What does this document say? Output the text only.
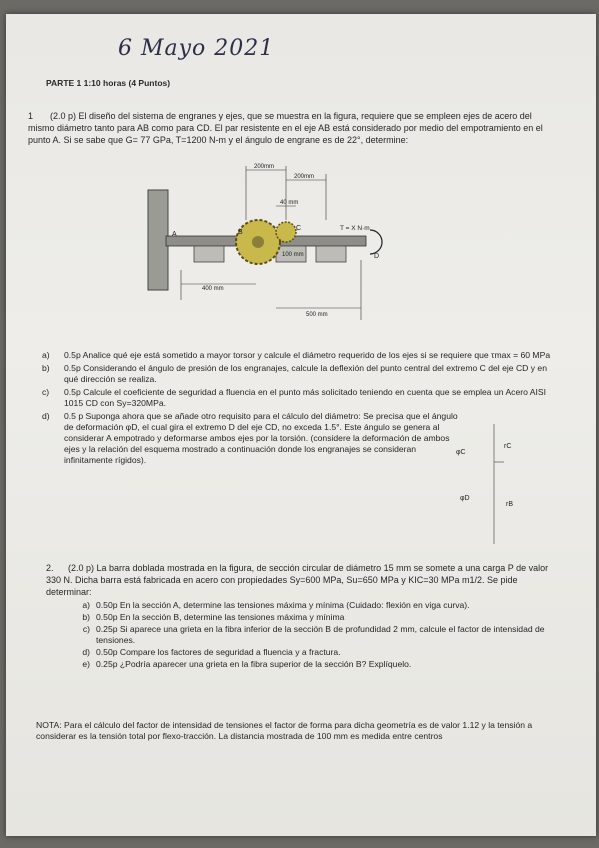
6 Mayo 2021
PARTE 1 1:10 horas (4 Puntos)
1 (2.0 p) El diseño del sistema de engranes y ejes, que se muestra en la figura, requiere que se empleen ejes de acero del mismo diámetro tanto para AB como para CD. El par resistente en el eje AB está considerado por medio del empotramiento en el punto A. Si se sabe que G= 77 GPa, T=1200 N-m y el ángulo de engrane es de 22°, determine:
200mm
200mm
40 mm
100 mm
400 mm
500 mm
T = X N·m
A	B
C
D
a)	0.5p Analice qué eje está sometido a mayor torsor y calcule el diámetro requerido de los ejes si se requiere que τmax = 60 MPa
b)	0.5p Considerando el ángulo de presión de los engranajes, calcule la deflexión del punto central del extremo C del eje CD y en qué dirección se realiza.
c)	0.5p Calcule el coeficiente de seguridad a fluencia en el punto más solicitado teniendo en cuenta que se emplea un Acero AISI 1015 CD con Sy=320MPa.
d)	0.5 p Suponga ahora que se añade otro requisito para el cálculo del diámetro: Se precisa que el ángulo de deformación φD, el cual gira el extremo D del eje CD, no exceda 1.5°. Este ángulo se genera al considerar A empotrado y deformarse ambos ejes por la torsión. (considere la deformación de ambos ejes y la relación del esquema mostrado a continuación donde los engranajes se consideran infinitamente rígidos).
φC
φD
rC
rB
2. (2.0 p) La barra doblada mostrada en la figura, de sección circular de diámetro 15 mm se somete a una carga P de valor 330 N. Dicha barra está fabricada en acero con propiedades Sy=600 MPa, Su=650 MPa y KIC=30 MPa m1/2. Se pide determinar:
a) 0.50p En la sección A, determine las tensiones máxima y mínima (Cuidado: flexión en viga curva).
b) 0.50p En la sección B, determine las tensiones máxima y mínima
c) 0.25p Si aparece una grieta en la fibra inferior de la sección B de profundidad 2 mm, calcule el factor de intensidad de tensiones.
d) 0.50p Compare los factores de seguridad a fluencia y a fractura.
e) 0.25p ¿Podría aparecer una grieta en la fibra superior de la sección B? Explíquelo.
NOTA: Para el cálculo del factor de intensidad de tensiones el factor de forma para dicha geometría es de valor 1.12 y la tensión a considerar es la tensión total por flexo-tracción. La distancia mostrada de 100 mm es medida entre centros
